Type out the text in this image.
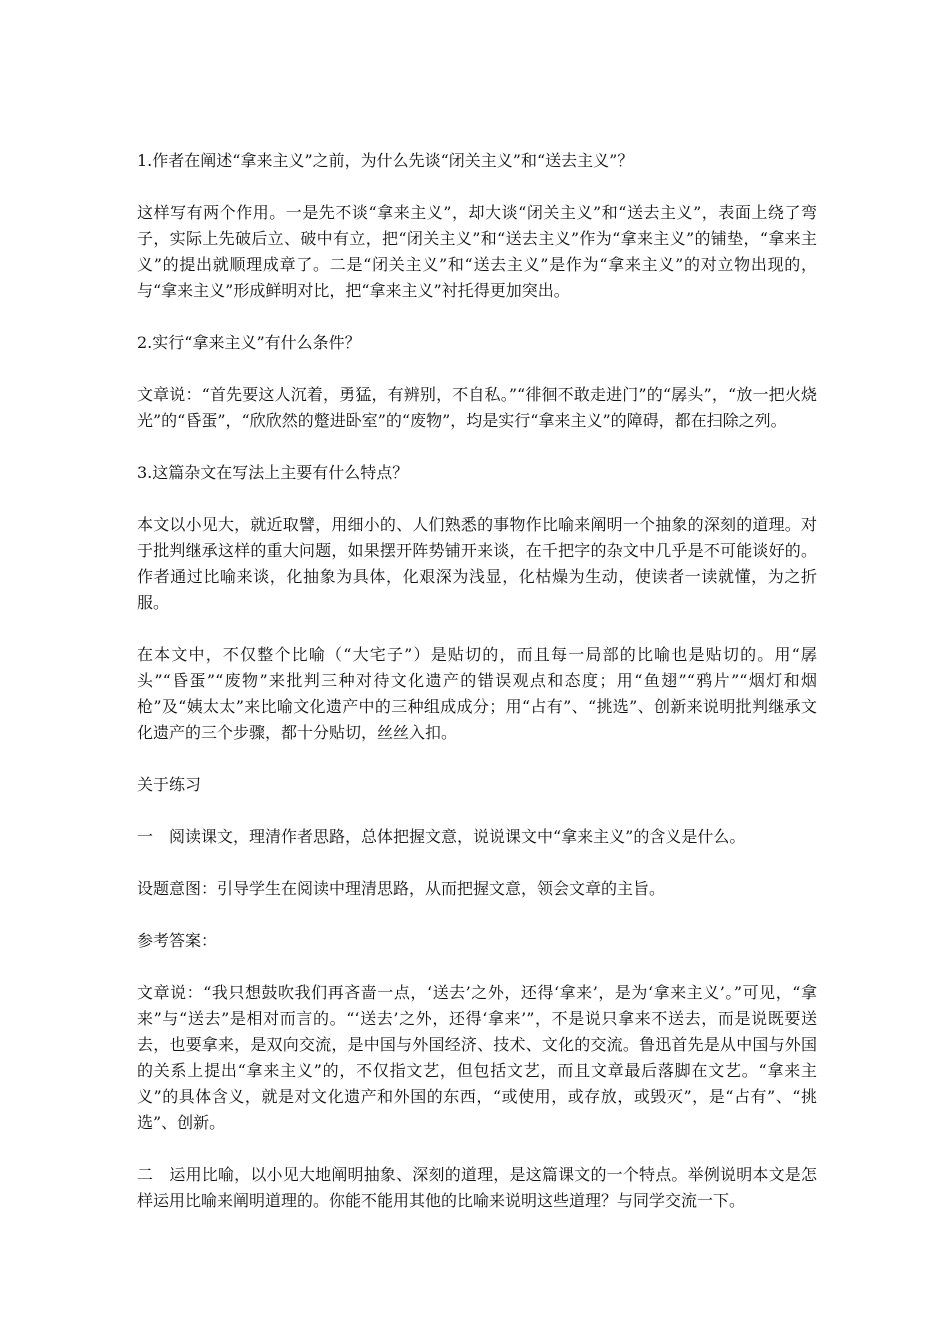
1.作者在阐述“拿来主义”之前，为什么先谈“闭关主义”和“送去主义”？

这样写有两个作用。一是先不谈“拿来主义”，却大谈“闭关主义”和“送去主义”，表面上绕了弯子，实际上先破后立、破中有立，把“闭关主义”和“送去主义”作为“拿来主义”的铺垫，“拿来主义”的提出就顺理成章了。二是“闭关主义”和“送去主义”是作为“拿来主义”的对立物出现的，与“拿来主义”形成鲜明对比，把“拿来主义”衬托得更加突出。

2.实行“拿来主义”有什么条件？

文章说：“首先要这人沉着，勇猛，有辨别，不自私。”“徘徊不敢走进门”的“孱头”，“放一把火烧光”的“昏蛋”，“欣欣然的蹩进卧室”的“废物”，均是实行“拿来主义”的障碍，都在扫除之列。

3.这篇杂文在写法上主要有什么特点？

本文以小见大，就近取譬，用细小的、人们熟悉的事物作比喻来阐明一个抽象的深刻的道理。对于批判继承这样的重大问题，如果摆开阵势铺开来谈，在千把字的杂文中几乎是不可能谈好的。作者通过比喻来谈，化抽象为具体，化艰深为浅显，化枯燥为生动，使读者一读就懂，为之折服。

在本文中，不仅整个比喻（“大宅子”）是贴切的，而且每一局部的比喻也是贴切的。用“孱头”“昏蛋”“废物”来批判三种对待文化遗产的错误观点和态度；用“鱼翅”“鸦片”“烟灯和烟枪”及“姨太太”来比喻文化遗产中的三种组成成分；用“占有”、“挑选”、创新来说明批判继承文化遗产的三个步骤，都十分贴切，丝丝入扣。

关于练习

一　阅读课文，理清作者思路，总体把握文意，说说课文中“拿来主义”的含义是什么。

设题意图：引导学生在阅读中理清思路，从而把握文意，领会文章的主旨。

参考答案：

文章说：“我只想鼓吹我们再吝啬一点，‘送去’之外，还得‘拿来’，是为‘拿来主义’。”可见，“拿来”与“送去”是相对而言的。“‘送去’之外，还得‘拿来’”，不是说只拿来不送去，而是说既要送去，也要拿来，是双向交流，是中国与外国经济、技术、文化的交流。鲁迅首先是从中国与外国的关系上提出“拿来主义”的，不仅指文艺，但包括文艺，而且文章最后落脚在文艺。“拿来主义”的具体含义，就是对文化遗产和外国的东西，“或使用，或存放，或毁灭”，是“占有”、“挑选”、创新。

二　运用比喻，以小见大地阐明抽象、深刻的道理，是这篇课文的一个特点。举例说明本文是怎样运用比喻来阐明道理的。你能不能用其他的比喻来说明这些道理？与同学交流一下。
